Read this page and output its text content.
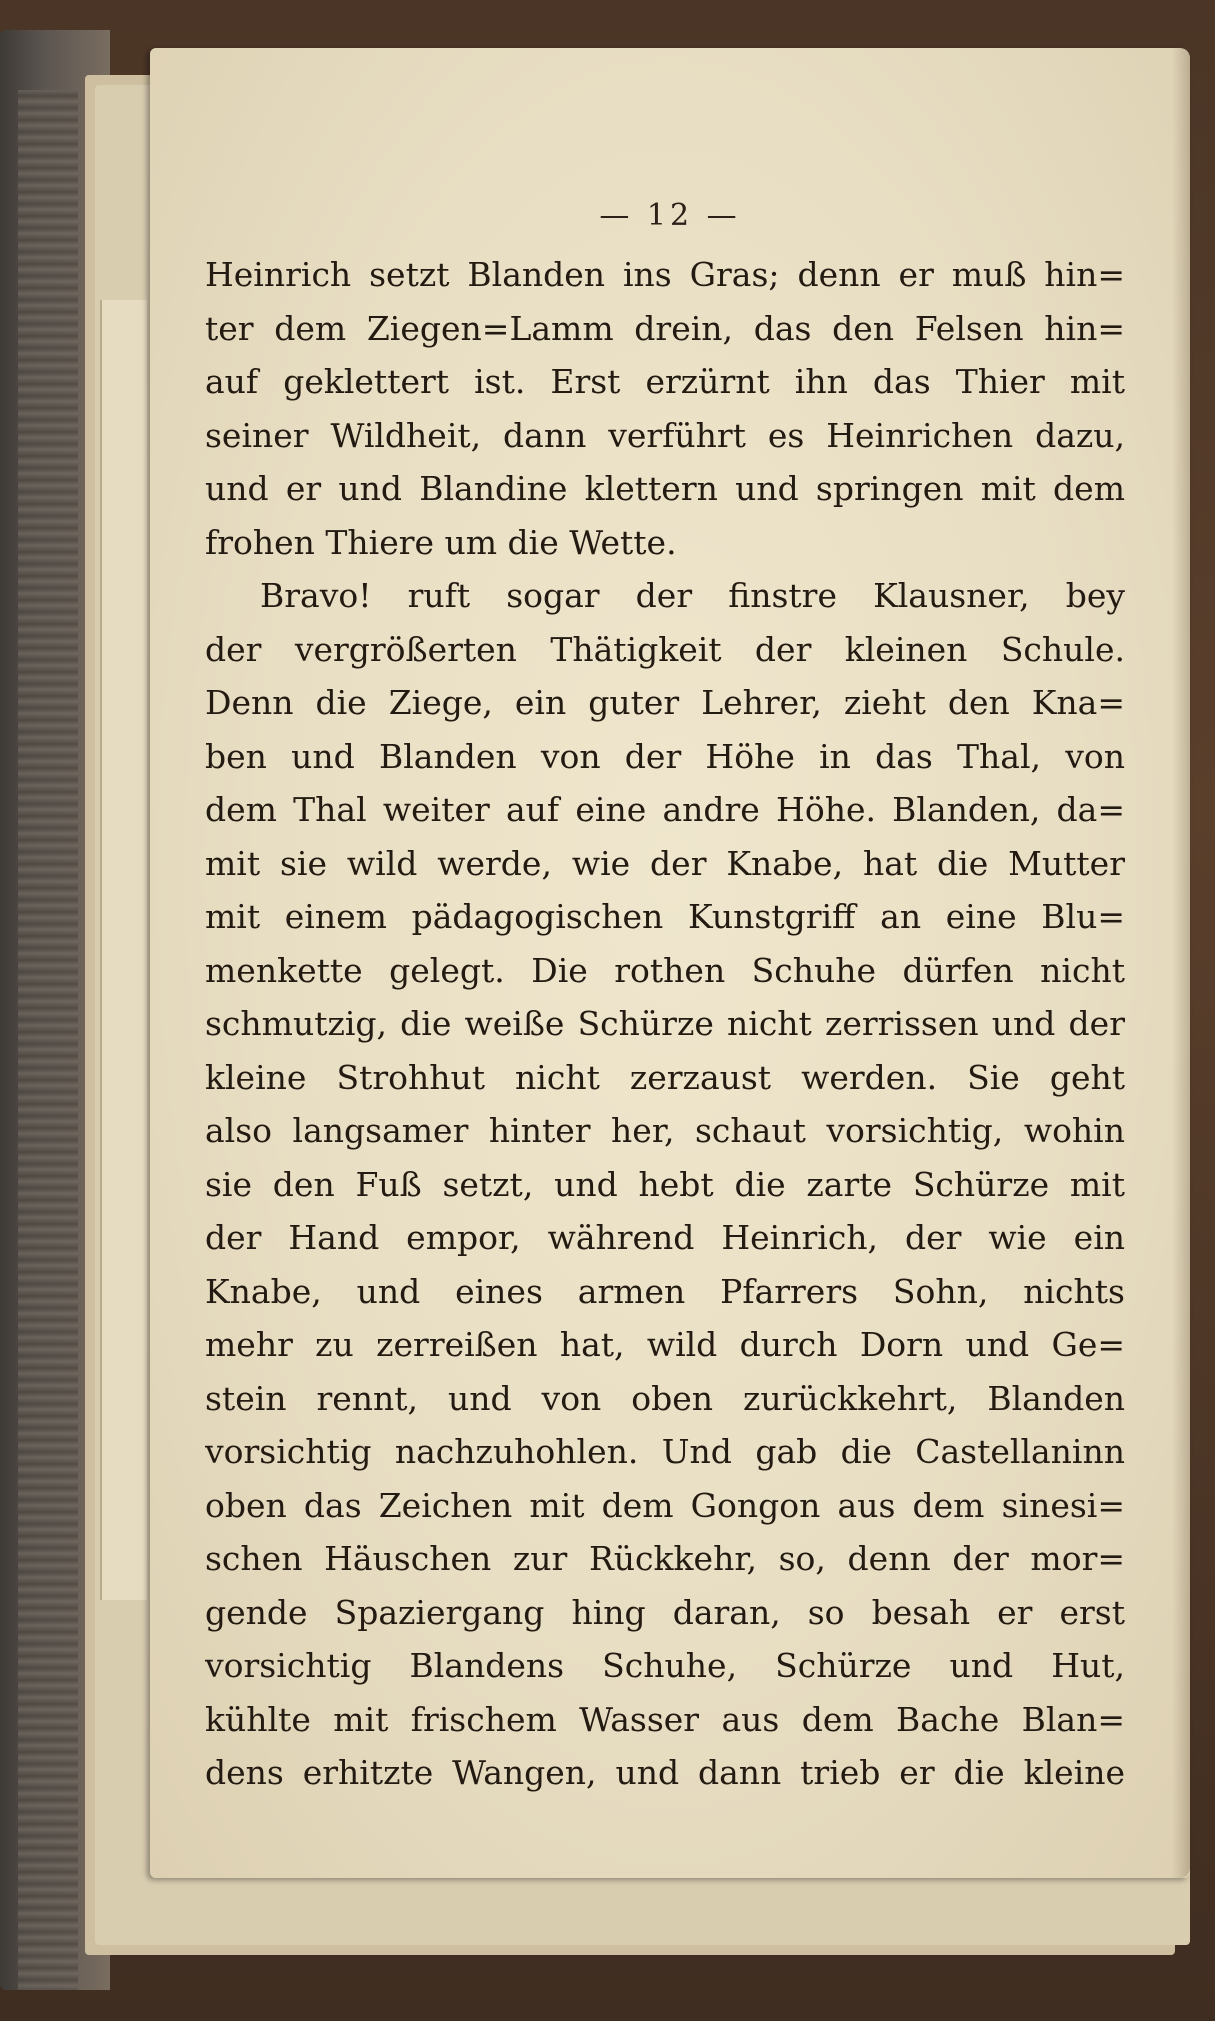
— 12 —
Heinrich setzt Blanden ins Gras; denn er muß hin=
ter dem Ziegen=Lamm drein, das den Felsen hin=
auf geklettert ist. Erst erzürnt ihn das Thier mit
seiner Wildheit, dann verführt es Heinrichen dazu,
und er und Blandine klettern und springen mit dem
frohen Thiere um die Wette.
Bravo! ruft sogar der finstre Klausner, bey
der vergrößerten Thätigkeit der kleinen Schule.
Denn die Ziege, ein guter Lehrer, zieht den Kna=
ben und Blanden von der Höhe in das Thal, von
dem Thal weiter auf eine andre Höhe. Blanden, da=
mit sie wild werde, wie der Knabe, hat die Mutter
mit einem pädagogischen Kunstgriff an eine Blu=
menkette gelegt. Die rothen Schuhe dürfen nicht
schmutzig, die weiße Schürze nicht zerrissen und der
kleine Strohhut nicht zerzaust werden. Sie geht
also langsamer hinter her, schaut vorsichtig, wohin
sie den Fuß setzt, und hebt die zarte Schürze mit
der Hand empor, während Heinrich, der wie ein
Knabe, und eines armen Pfarrers Sohn, nichts
mehr zu zerreißen hat, wild durch Dorn und Ge=
stein rennt, und von oben zurückkehrt, Blanden
vorsichtig nachzuhohlen. Und gab die Castellaninn
oben das Zeichen mit dem Gongon aus dem sinesi=
schen Häuschen zur Rückkehr, so, denn der mor=
gende Spaziergang hing daran, so besah er erst
vorsichtig Blandens Schuhe, Schürze und Hut,
kühlte mit frischem Wasser aus dem Bache Blan=
dens erhitzte Wangen, und dann trieb er die kleine
